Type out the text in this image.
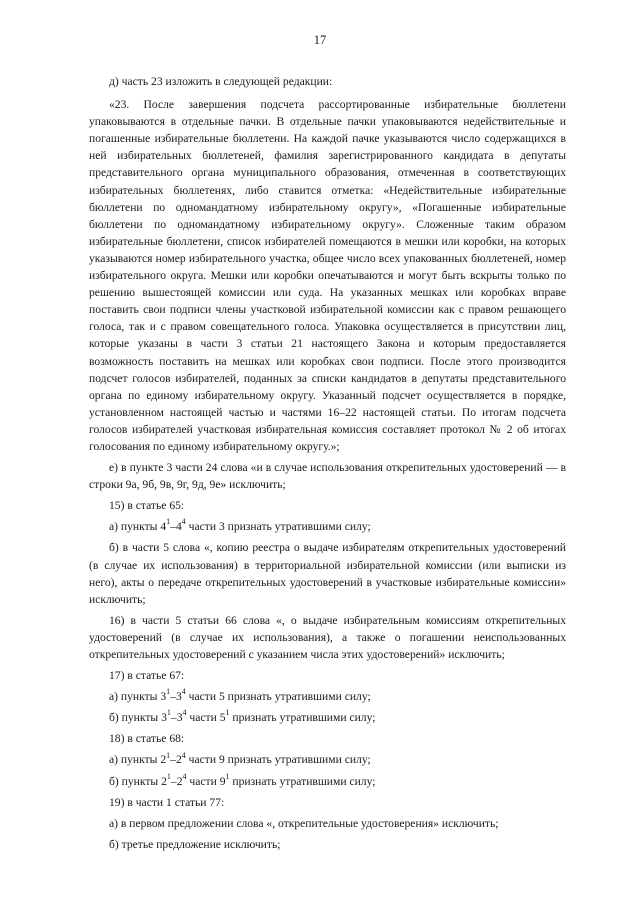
17

д) часть 23 изложить в следующей редакции:

«23. После завершения подсчета рассортированные избирательные бюллетени упаковываются в отдельные пачки. В отдельные пачки упаковываются недействительные и погашенные избирательные бюллетени. На каждой пачке указываются число содержащихся в ней избирательных бюллетеней, фамилия зарегистрированного кандидата в депутаты представительного органа муниципального образования, отмеченная в соответствующих избирательных бюллетенях, либо ставится отметка: «Недействительные избирательные бюллетени по одномандатному избирательному округу», «Погашенные избирательные бюллетени по одномандатному избирательному округу». Сложенные таким образом избирательные бюллетени, список избирателей помещаются в мешки или коробки, на которых указываются номер избирательного участка, общее число всех упакованных бюллетеней, номер избирательного округа. Мешки или коробки опечатываются и могут быть вскрыты только по решению вышестоящей комиссии или суда. На указанных мешках или коробках вправе поставить свои подписи члены участковой избирательной комиссии как с правом решающего голоса, так и с правом совещательного голоса. Упаковка осуществляется в присутствии лиц, которые указаны в части 3 статьи 21 настоящего Закона и которым предоставляется возможность поставить на мешках или коробках свои подписи. После этого производится подсчет голосов избирателей, поданных за списки кандидатов в депутаты представительного органа по единому избирательному округу. Указанный подсчет осуществляется в порядке, установленном настоящей частью и частями 16–22 настоящей статьи. По итогам подсчета голосов избирателей участковая избирательная комиссия составляет протокол № 2 об итогах голосования по единому избирательному округу.»;

е) в пункте 3 части 24 слова «и в случае использования открепительных удостоверений — в строки 9а, 9б, 9в, 9г, 9д, 9е» исключить;

15) в статье 65:

а) пункты $4^1-4^4$ части 3 признать утратившими силу;

б) в части 5 слова «, копию реестра о выдаче избирателям открепительных удостоверений (в случае их использования) в территориальной избирательной комиссии (или выписки из него), акты о передаче открепительных удостоверений в участковые избирательные комиссии» исключить;

16) в части 5 статьи 66 слова «, о выдаче избирательным комиссиям открепительных удостоверений (в случае их использования), а также о погашении неиспользованных открепительных удостоверений с указанием числа этих удостоверений» исключить;

17) в статье 67:

а) пункты $3^1-3^4$ части 5 признать утратившими силу;

б) пункты $3^1-3^4$ части $5^1$ признать утратившими силу;

18) в статье 68:

а) пункты $2^1-2^4$ части 9 признать утратившими силу;

б) пункты $2^1-2^4$ части $9^1$ признать утратившими силу;

19) в части 1 статьи 77:

а) в первом предложении слова «, открепительные удостоверения» исключить;

б) третье предложение исключить;
